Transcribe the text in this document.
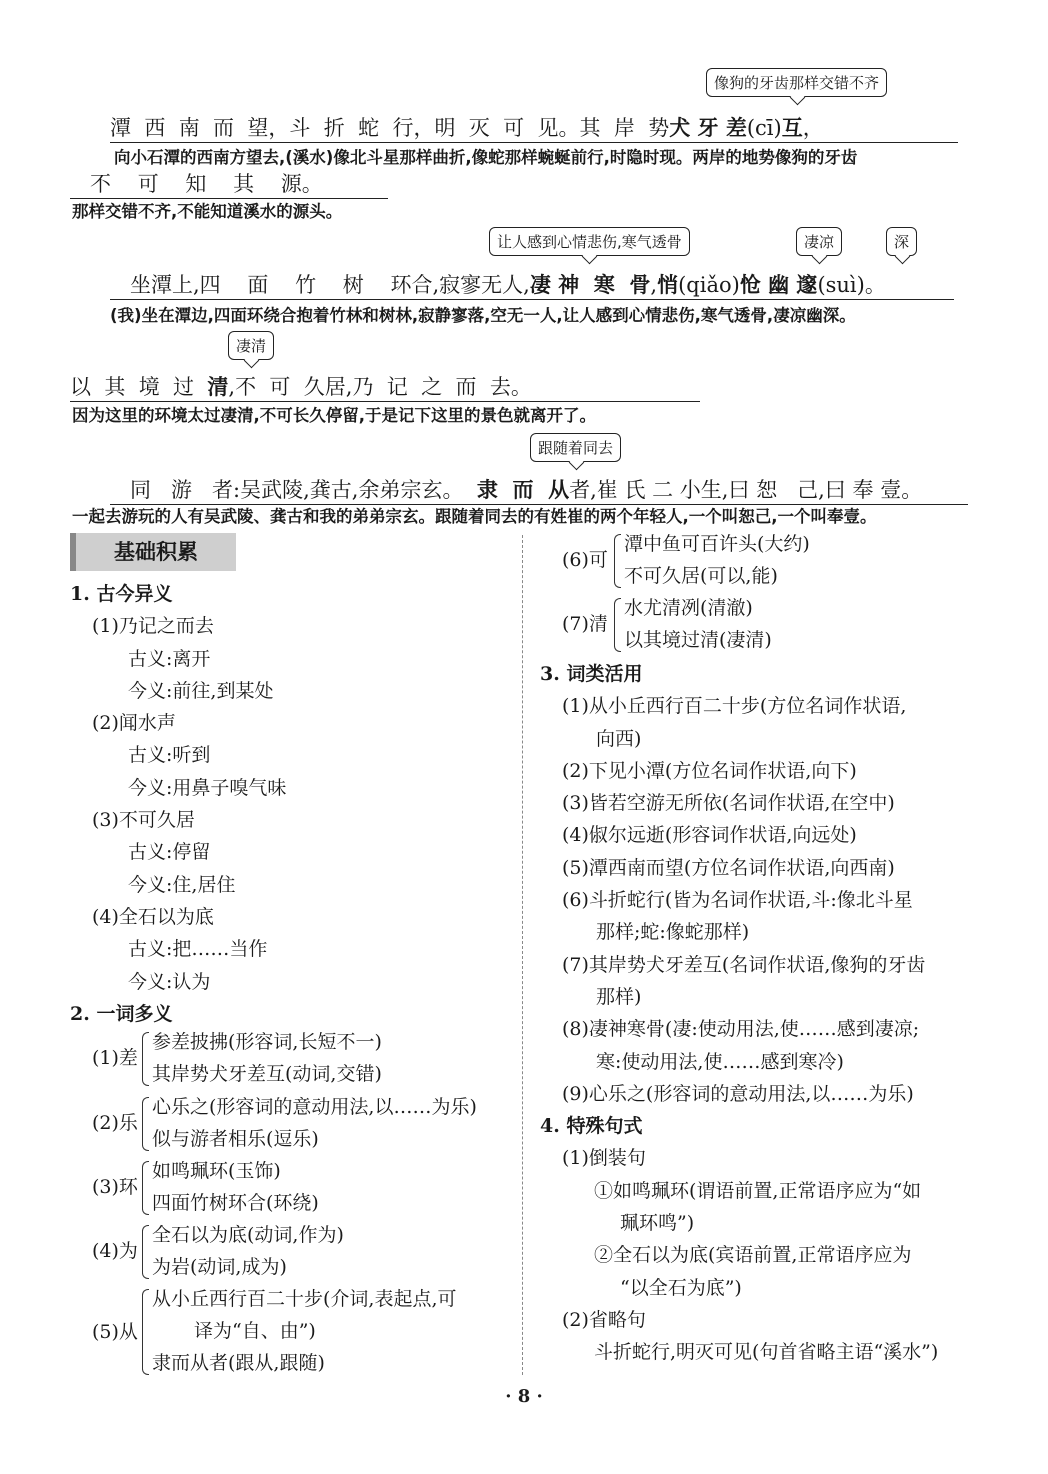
像狗的牙齿那样交错不齐
让人感到心情悲伤,寒气透骨	凄凉	深
凄清
跟随着同去
潭  西  南  而  望，斗  折  蛇  行，明  灭  可  见。其  岸  势犬 牙 差(cī)互，
向小石潭的西南方望去,(溪水)像北斗星那样曲折,像蛇那样蜿蜒前行,时隐时现。两岸的地势像狗的牙齿
不    可    知    其    源。
那样交错不齐,不能知道溪水的源头。
坐潭上,四    面    竹    树    环合,寂寥无人,凄 神  寒  骨,悄(qiǎo)怆 幽 邃(suì)。
(我)坐在潭边,四面环绕合抱着竹林和树林,寂静寥落,空无一人,让人感到心情悲伤,寒气透骨,凄凉幽深。
以  其  境  过  清,不  可  久居,乃  记  之  而  去。
因为这里的环境太过凄清,不可长久停留,于是记下这里的景色就离开了。
同   游   者:吴武陵,龚古,余弟宗玄。 隶  而  从者,崔 氏 二 小生,曰 恕   己,曰 奉 壹。
一起去游玩的人有吴武陵、龚古和我的弟弟宗玄。跟随着同去的有姓崔的两个年轻人,一个叫恕己,一个叫奉壹。
基础积累
1. 古今异义
(1)乃记之而去
古义:离开
今义:前往,到某处
(2)闻水声
古义:听到
今义:用鼻子嗅气味
(3)不可久居
古义:停留
今义:住,居住
(4)全石以为底
古义:把……当作
今义:认为
2. 一词多义
(1)差
参差披拂(形容词,长短不一)
其岸势犬牙差互(动词,交错)
(2)乐
心乐之(形容词的意动用法,以……为乐)
似与游者相乐(逗乐)
(3)环
如鸣珮环(玉饰)
四面竹树环合(环绕)
(4)为
全石以为底(动词,作为)
为岩(动词,成为)
(5)从
从小丘西行百二十步(介词,表起点,可
译为“自、由”)
隶而从者(跟从,跟随)
(6)可
潭中鱼可百许头(大约)
不可久居(可以,能)
(7)清
水尤清冽(清澈)
以其境过清(凄清)
3. 词类活用
(1)从小丘西行百二十步(方位名词作状语,
向西)
(2)下见小潭(方位名词作状语,向下)
(3)皆若空游无所依(名词作状语,在空中)
(4)俶尔远逝(形容词作状语,向远处)
(5)潭西南而望(方位名词作状语,向西南)
(6)斗折蛇行(皆为名词作状语,斗:像北斗星
那样;蛇:像蛇那样)
(7)其岸势犬牙差互(名词作状语,像狗的牙齿
那样)
(8)凄神寒骨(凄:使动用法,使……感到凄凉;
寒:使动用法,使……感到寒冷)
(9)心乐之(形容词的意动用法,以……为乐)
4. 特殊句式
(1)倒装句
①如鸣珮环(谓语前置,正常语序应为“如
珮环鸣”)
②全石以为底(宾语前置,正常语序应为
“以全石为底”)
(2)省略句
斗折蛇行,明灭可见(句首省略主语“溪水”)
· 8 ·
